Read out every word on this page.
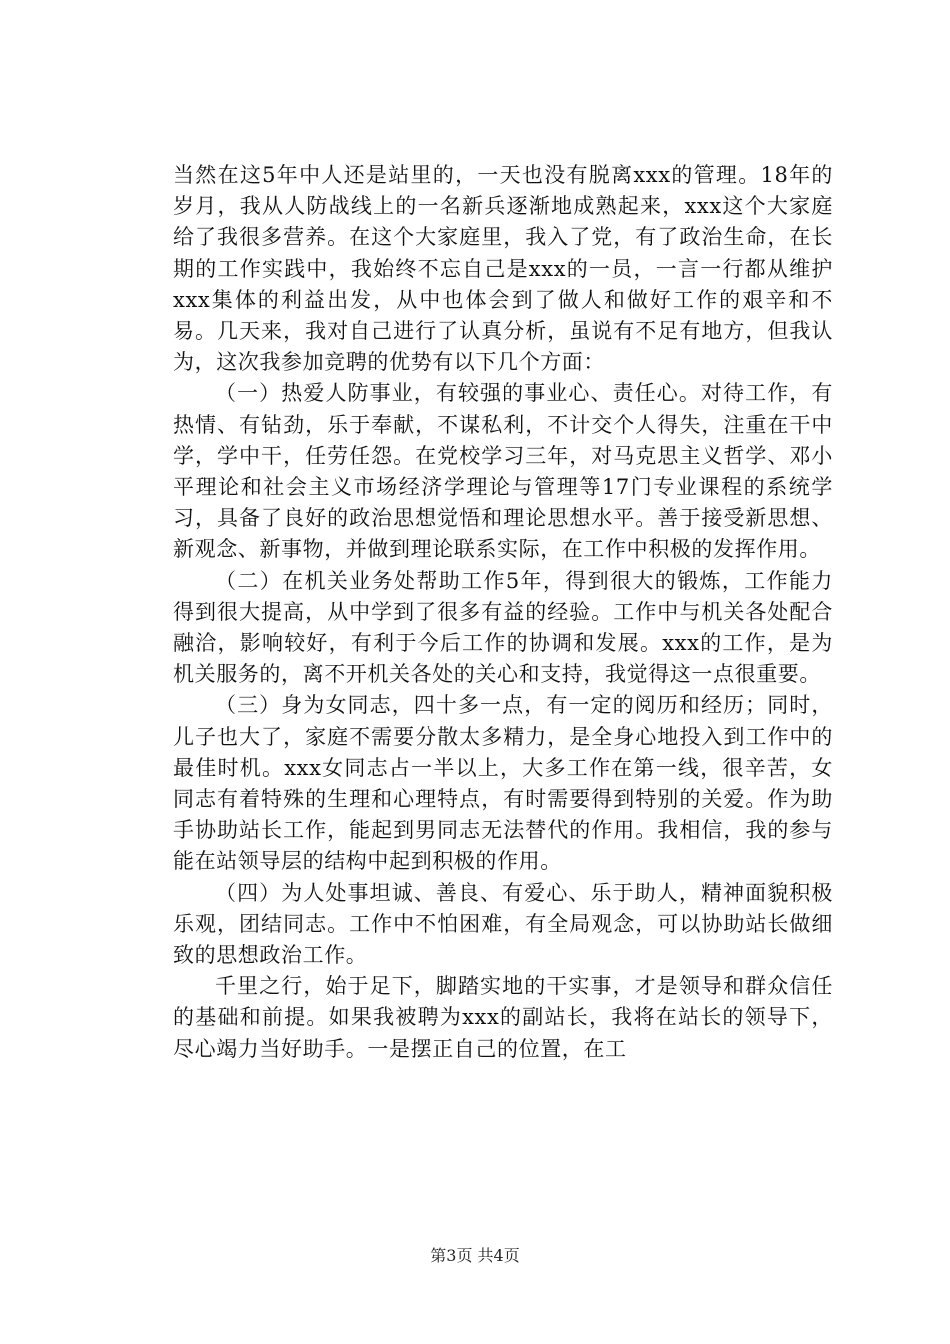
当然在这5年中人还是站里的，一天也没有脱离xxx的管理。18年的岁月，我从人防战线上的一名新兵逐渐地成熟起来，xxx这个大家庭给了我很多营养。在这个大家庭里，我入了党，有了政治生命，在长期的工作实践中，我始终不忘自己是xxx的一员，一言一行都从维护xxx集体的利益出发，从中也体会到了做人和做好工作的艰辛和不易。几天来，我对自己进行了认真分析，虽说有不足有地方，但我认为，这次我参加竞聘的优势有以下几个方面：

（一）热爱人防事业，有较强的事业心、责任心。对待工作，有热情、有钻劲，乐于奉献，不谋私利，不计交个人得失，注重在干中学，学中干，任劳任怨。在党校学习三年，对马克思主义哲学、邓小平理论和社会主义市场经济学理论与管理等17门专业课程的系统学习，具备了良好的政治思想觉悟和理论思想水平。善于接受新思想、新观念、新事物，并做到理论联系实际，在工作中积极的发挥作用。

（二）在机关业务处帮助工作5年，得到很大的锻炼，工作能力得到很大提高，从中学到了很多有益的经验。工作中与机关各处配合融洽，影响较好，有利于今后工作的协调和发展。xxx的工作，是为机关服务的，离不开机关各处的关心和支持，我觉得这一点很重要。

（三）身为女同志，四十多一点，有一定的阅历和经历；同时，儿子也大了，家庭不需要分散太多精力，是全身心地投入到工作中的最佳时机。xxx女同志占一半以上，大多工作在第一线，很辛苦，女同志有着特殊的生理和心理特点，有时需要得到特别的关爱。作为助手协助站长工作，能起到男同志无法替代的作用。我相信，我的参与能在站领导层的结构中起到积极的作用。

（四）为人处事坦诚、善良、有爱心、乐于助人，精神面貌积极乐观，团结同志。工作中不怕困难，有全局观念，可以协助站长做细致的思想政治工作。

千里之行，始于足下，脚踏实地的干实事，才是领导和群众信任的基础和前提。如果我被聘为xxx的副站长，我将在站长的领导下，尽心竭力当好助手。一是摆正自己的位置，在工

第3页 共4页
